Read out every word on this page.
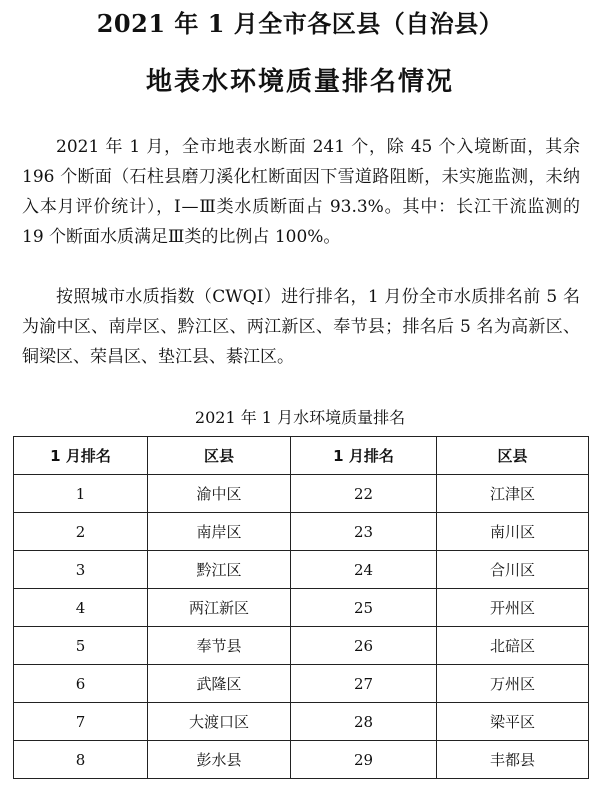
2021 年 1 月全市各区县（自治县）
地表水环境质量排名情况

2021 年 1 月，全市地表水断面 241 个，除 45 个入境断面，其余 196 个断面（石柱县磨刀溪化杠断面因下雪道路阻断，未实施监测，未纳入本月评价统计），Ⅰ—Ⅲ类水质断面占 93.3%。其中：长江干流监测的 19 个断面水质满足Ⅲ类的比例占 100%。

按照城市水质指数（CWQI）进行排名，1 月份全市水质排名前 5 名为渝中区、南岸区、黔江区、两江新区、奉节县；排名后 5 名为高新区、铜梁区、荣昌区、垫江县、綦江区。

2021 年 1 月水环境质量排名
1 月排名	区县	1 月排名	区县
1	渝中区	22	江津区
2	南岸区	23	南川区
3	黔江区	24	合川区
4	两江新区	25	开州区
5	奉节县	26	北碚区
6	武隆区	27	万州区
7	大渡口区	28	梁平区
8	彭水县	29	丰都县
